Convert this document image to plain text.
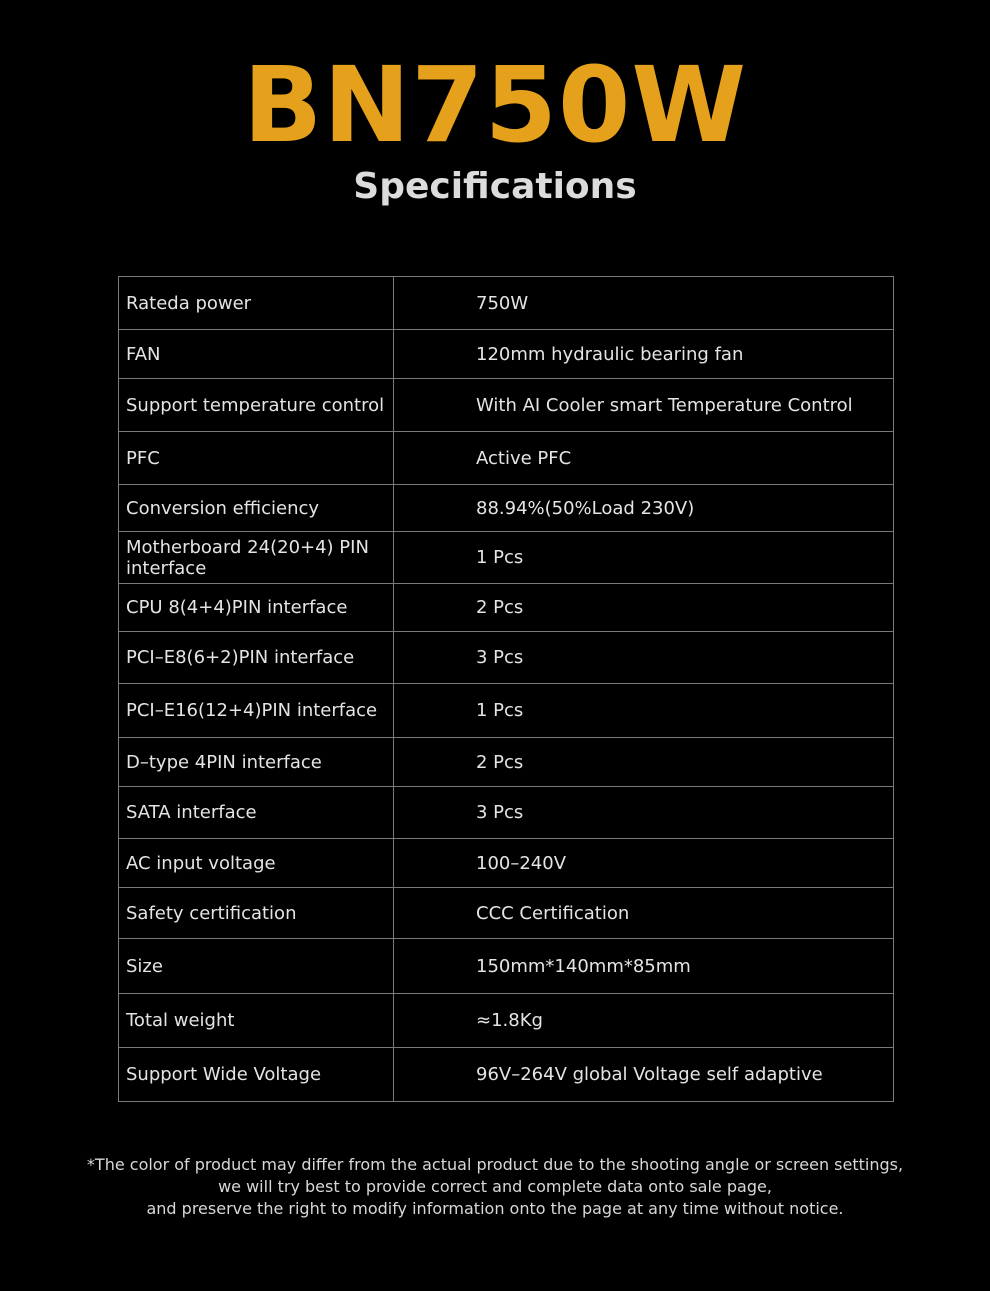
BN750W
Specifications
Rateda power	750W
FAN	120mm hydraulic bearing fan
Support temperature control	With AI Cooler smart Temperature Control
PFC	Active PFC
Conversion efficiency	88.94%(50%Load 230V)
Motherboard 24(20+4) PIN interface	1 Pcs
CPU 8(4+4)PIN interface	2 Pcs
PCI–E8(6+2)PIN interface	3 Pcs
PCI–E16(12+4)PIN interface	1 Pcs
D–type 4PIN interface	2 Pcs
SATA interface	3 Pcs
AC input voltage	100–240V
Safety certification	CCC Certification
Size	150mm*140mm*85mm
Total weight	≈1.8Kg
Support Wide Voltage	96V–264V global Voltage self adaptive
*The color of product may differ from the actual product due to the shooting angle or screen settings,
we will try best to provide correct and complete data onto sale page,
and preserve the right to modify information onto the page at any time without notice.
